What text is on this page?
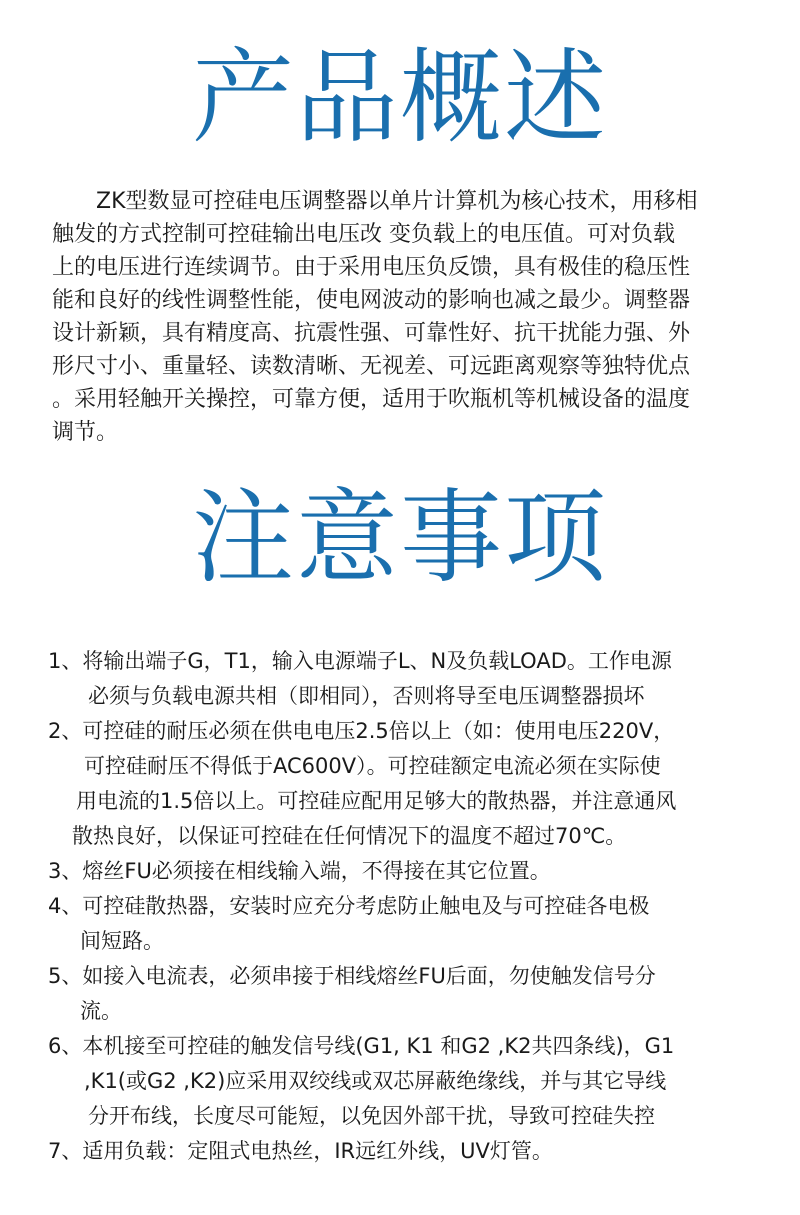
产品概述
ZK型数显可控硅电压调整器以单片计算机为核心技术，用移相
触发的方式控制可控硅输出电压改 变负载上的电压值。可对负载
上的电压进行连续调节。由于采用电压负反馈，具有极佳的稳压性
能和良好的线性调整性能，使电网波动的影响也减之最少。调整器
设计新颖，具有精度高、抗震性强、可靠性好、抗干扰能力强、外
形尺寸小、重量轻、读数清晰、无视差、可远距离观察等独特优点
。采用轻触开关操控，可靠方便，适用于吹瓶机等机械设备的温度
调节。
注意事项
1、将输出端子G，T1，输入电源端子L、N及负载LOAD。工作电源
必须与负载电源共相（即相同），否则将导至电压调整器损坏
2、可控硅的耐压必须在供电电压2.5倍以上（如：使用电压220V，
可控硅耐压不得低于AC600V）。可控硅额定电流必须在实际使
用电流的1.5倍以上。可控硅应配用足够大的散热器，并注意通风
散热良好，以保证可控硅在任何情况下的温度不超过70℃。
3、熔丝FU必须接在相线输入端，不得接在其它位置。
4、可控硅散热器，安装时应充分考虑防止触电及与可控硅各电极
间短路。
5、如接入电流表，必须串接于相线熔丝FU后面，勿使触发信号分
流。
6、本机接至可控硅的触发信号线(G1, K1 和G2 ,K2共四条线)，G1
,K1(或G2 ,K2)应采用双绞线或双芯屏蔽绝缘线，并与其它导线
分开布线，长度尽可能短，以免因外部干扰，导致可控硅失控
7、适用负载：定阻式电热丝，IR远红外线，UV灯管。
